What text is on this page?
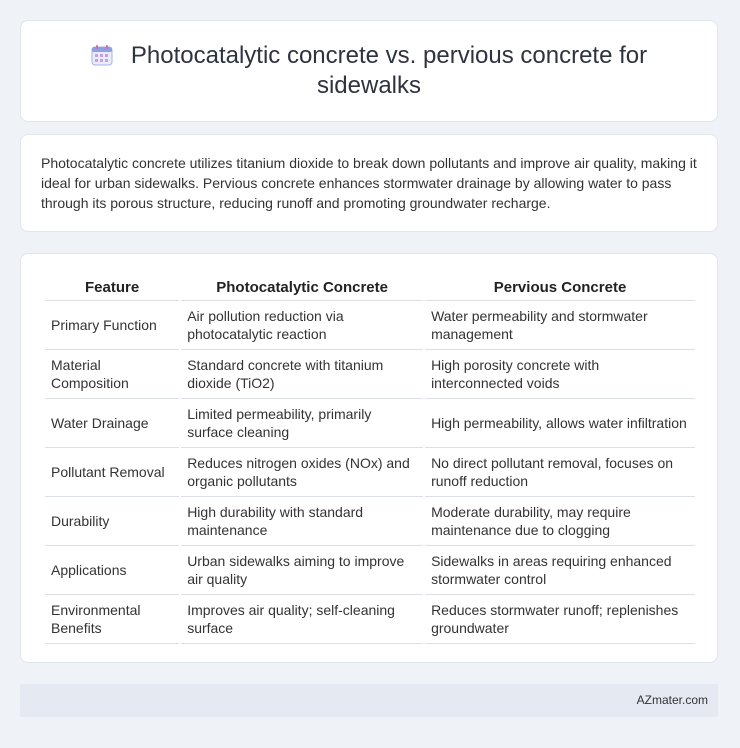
Photocatalytic concrete vs. pervious concrete for sidewalks

Photocatalytic concrete utilizes titanium dioxide to break down pollutants and improve air quality, making it ideal for urban sidewalks. Pervious concrete enhances stormwater drainage by allowing water to pass through its porous structure, reducing runoff and promoting groundwater recharge.

Feature	Photocatalytic Concrete	Pervious Concrete
Primary Function	Air pollution reduction via photocatalytic reaction	Water permeability and stormwater management
Material Composition	Standard concrete with titanium dioxide (TiO2)	High porosity concrete with interconnected voids
Water Drainage	Limited permeability, primarily surface cleaning	High permeability, allows water infiltration
Pollutant Removal	Reduces nitrogen oxides (NOx) and organic pollutants	No direct pollutant removal, focuses on runoff reduction
Durability	High durability with standard maintenance	Moderate durability, may require maintenance due to clogging
Applications	Urban sidewalks aiming to improve air quality	Sidewalks in areas requiring enhanced stormwater control
Environmental Benefits	Improves air quality; self-cleaning surface	Reduces stormwater runoff; replenishes groundwater
AZmater.com
